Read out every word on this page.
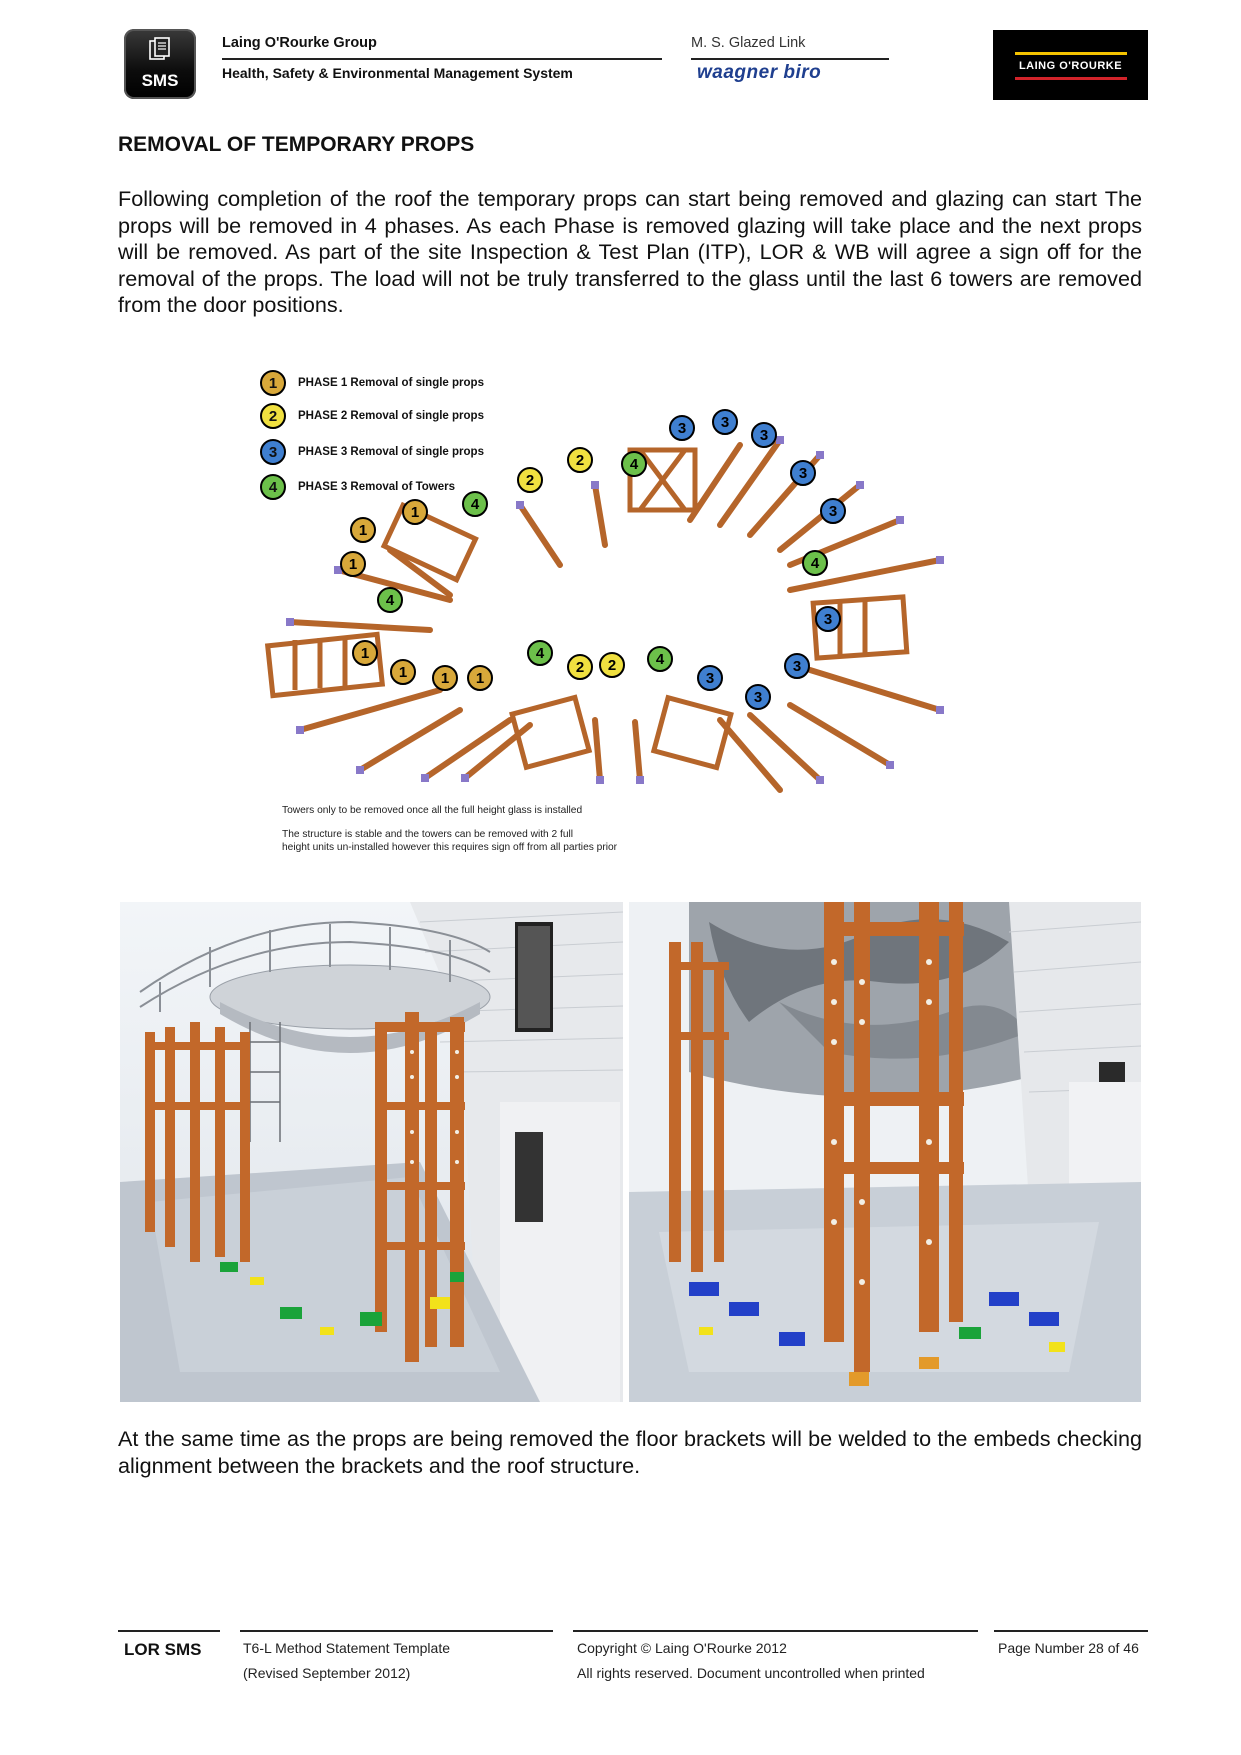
SMS
Laing O'Rourke Group
Health, Safety & Environmental Management System
M. S. Glazed Link
waagner biro	LAING O'ROURKE
REMOVAL OF TEMPORARY PROPS
Following completion of the roof the temporary props can start being removed and glazing can start The props will be removed in 4 phases. As each Phase is removed glazing will take place and the next props will be removed. As part of the site Inspection & Test Plan (ITP), LOR & WB will agree a sign off for the removal of the props. The load will not be truly transferred to the glass until the last 6 towers are removed from the door positions.
1	PHASE 1 Removal of single props
2	PHASE 2 Removal of single props
3	PHASE 3 Removal of single props
4	PHASE 3 Removal of Towers
1
1
1
1
1 1 1
2
2
2 2
3 3
3
3
3
3
3
3
3
4
4
4
4
4	4
Towers only to be removed once all the full height glass is installed
The structure is stable and the towers can be removed with 2 full
height units un-installed however this requires sign off from all parties prior
At the same time as the props are being removed the floor brackets will be welded to the embeds checking alignment between the brackets and the roof structure.
LOR SMS	T6-L Method Statement Template
(Revised September 2012)
Copyright © Laing O'Rourke 2012
All rights reserved. Document uncontrolled when printed
Page Number 28 of 46
